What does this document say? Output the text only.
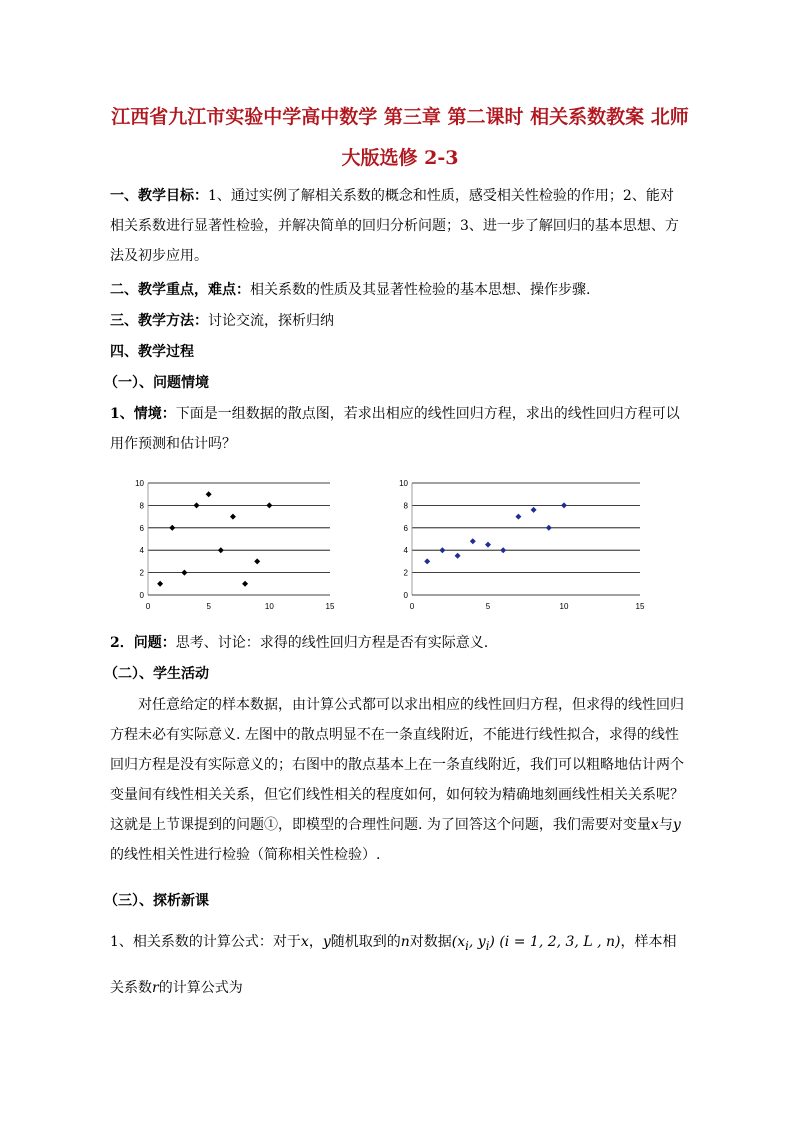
江西省九江市实验中学高中数学 第三章 第二课时 相关系数教案 北师
大版选修 2-3
一、教学目标：1、通过实例了解相关系数的概念和性质，感受相关性检验的作用；2、能对相关系数进行显著性检验，并解决简单的回归分析问题；3、进一步了解回归的基本思想、方法及初步应用。
二、教学重点，难点：相关系数的性质及其显著性检验的基本思想、操作步骤.
三、教学方法：讨论交流，探析归纳
四、教学过程
（一）、问题情境
1、情境：下面是一组数据的散点图，若求出相应的线性回归方程，求出的线性回归方程可以用作预测和估计吗？
0
2
4
6
8
10
0	5	10	15
0
2
4
6
8
10
0	5	10	15
2．问题：思考、讨论：求得的线性回归方程是否有实际意义.
（二）、学生活动
对任意给定的样本数据，由计算公式都可以求出相应的线性回归方程，但求得的线性回归方程未必有实际意义. 左图中的散点明显不在一条直线附近，不能进行线性拟合，求得的线性回归方程是没有实际意义的；右图中的散点基本上在一条直线附近，我们可以粗略地估计两个变量间有线性相关关系，但它们线性相关的程度如何，如何较为精确地刻画线性相关关系呢？这就是上节课提到的问题①，即模型的合理性问题. 为了回答这个问题，我们需要对变量x与y的线性相关性进行检验（简称相关性检验）.
（三）、探析新课
1、相关系数的计算公式：对于x，y随机取到的n对数据($x_i$, $y_i$) (i = 1, 2, 3, L , n)，样本相关系数r的计算公式为
